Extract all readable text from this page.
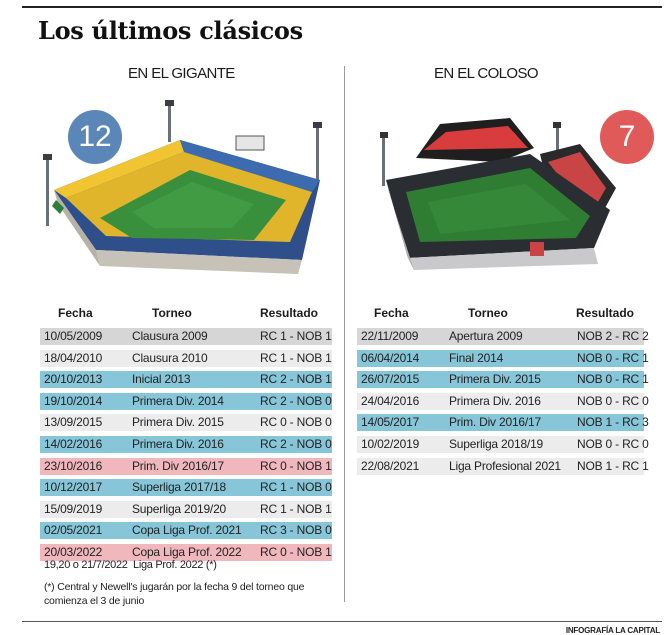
Los últimos clásicos
EN EL GIGANTE
12
Fecha	Torneo	Resultado
10/05/2009 Clausura 2009	RC 1 - NOB 1
18/04/2010 Clausura 2010	RC 1 - NOB 1
20/10/2013 Inicial 2013	RC 2 - NOB 1
19/10/2014 Primera Div. 2014	RC 2 - NOB 0
13/09/2015 Primera Div. 2015	RC 0 - NOB 0
14/02/2016 Primera Div. 2016	RC 2 - NOB 0
23/10/2016 Prim. Div 2016/17	RC 0 - NOB 1
10/12/2017 Superliga 2017/18	RC 1 - NOB 0
15/09/2019 Superliga 2019/20	RC 1 - NOB 1
02/05/2021 Copa Liga Prof. 2021 RC 3 - NOB 0
20/03/2022 Copa Liga Prof. 2022 RC 0 - NOB 1
19,20 o 21/7/2022 Liga Prof. 2022 (*)
(*) Central y Newell's jugarán por la fecha 9 del torneo que comienza el 3 de junio
EN EL COLOSO
7
Fecha	Torneo	Resultado
22/11/2009	Apertura 2009	NOB 2 - RC 2
06/04/2014 Final 2014	NOB 0 - RC 1
26/07/2015 Primera Div. 2015	NOB 0 - RC 1
24/04/2016 Primera Div. 2016	NOB 0 - RC 0
14/05/2017 Prim. Div 2016/17	NOB 1 - RC 3
10/02/2019 Superliga 2018/19	NOB 0 - RC 0
22/08/2021 Liga Profesional 2021 NOB 1 - RC 1
INFOGRAFÍA LA CAPITAL
